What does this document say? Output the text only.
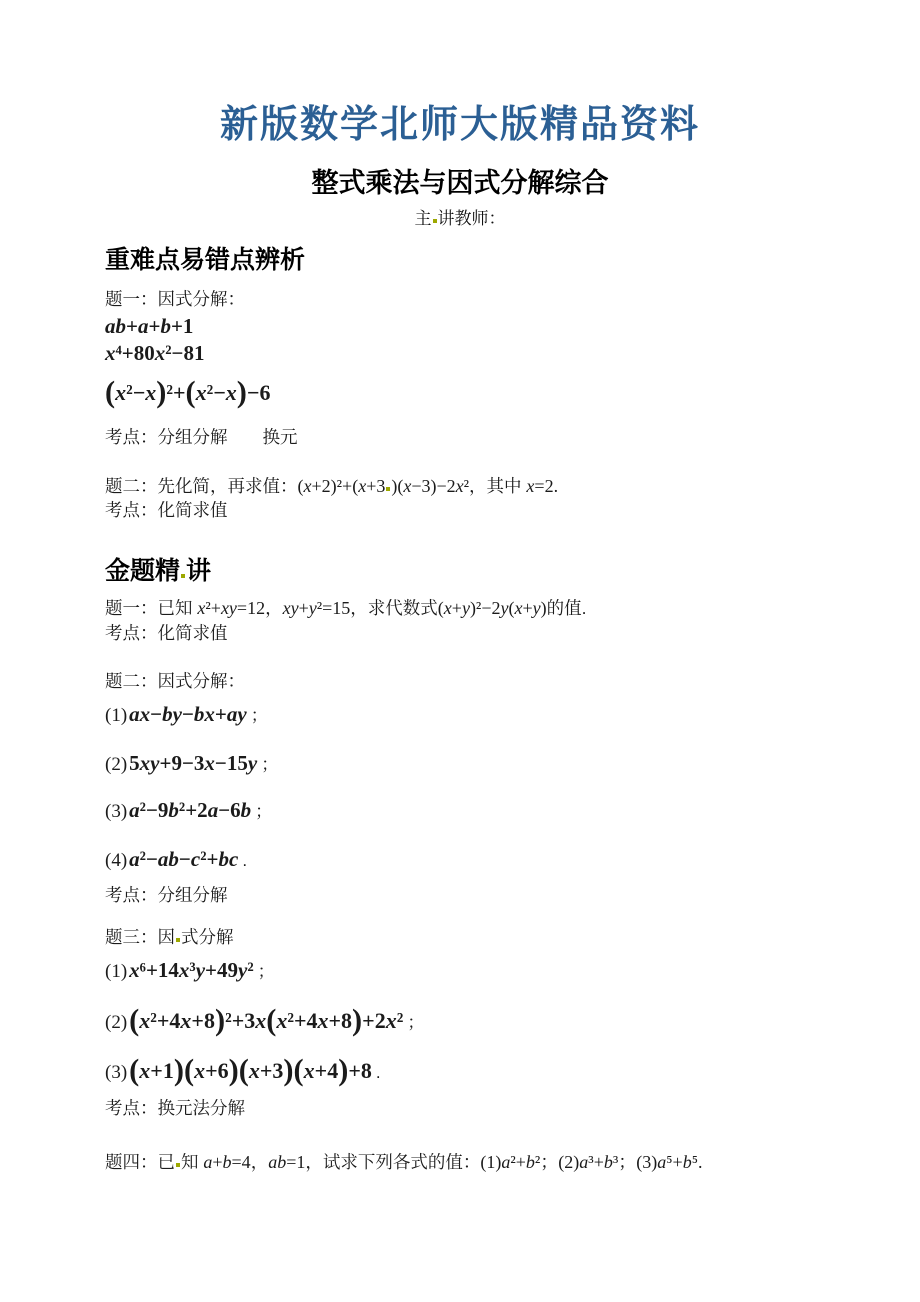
新版数学北师大版精品资料
整式乘法与因式分解综合
主 讲教师：
重难点易错点辨析
题一：因式分解：
ab+a+b+1
x⁴+80x²−81
(x²−x)²+(x²−x)−6
考点：分组分解　　换元
题二：先化简，再求值：(x+2)²+(x+3 )(x−3)−2x²，其中 x=2.
考点：化简求值
金题精 讲
题一：已知 x²+xy=12，xy+y²=15，求代数式(x+y)²−2y(x+y)的值.
考点：化简求值
题二：因式分解：
(1)ax−by−bx+ay ；
(2)5xy+9−3x−15y ；
(3)a²−9b²+2a−6b ；
(4)a²−ab−c²+bc .
考点：分组分解
题三：因 式分解
(1)x⁶+14x³y+49y² ；
(2)(x²+4x+8)²+3x(x²+4x+8)+2x² ；
(3)(x+1)(x+6)(x+3)(x+4)+8 .
考点：换元法分解
题四：已 知 a+b=4，ab=1，试求下列各式的值：(1)a²+b²；(2)a³+b³；(3)a⁵+b⁵.
